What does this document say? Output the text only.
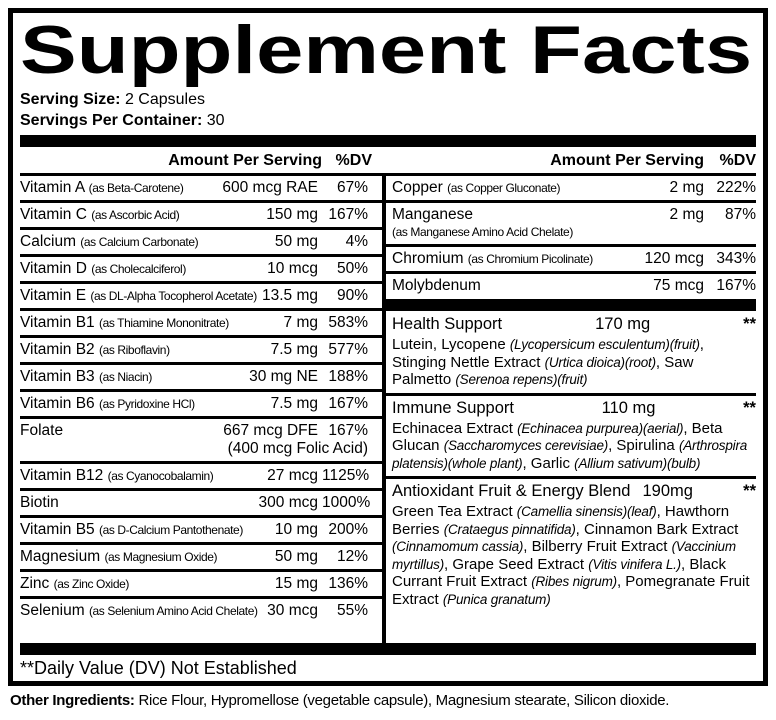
Supplement Facts
Serving Size: 2 Capsules
Servings Per Container: 30
Amount Per Serving %DV	Amount Per Serving %DV
Vitamin A (as Beta-Carotene)	600 mcg RAE	67%
Vitamin C (as Ascorbic Acid)	150 mg 167%
Calcium (as Calcium Carbonate)	50 mg	4%
Vitamin D (as Cholecalciferol)	10 mcg	50%
Vitamin E (as DL-Alpha Tocopherol Acetate) 13.5 mg	90%
Vitamin B1 (as Thiamine Mononitrate)	7 mg 583%
Vitamin B2 (as Riboflavin)	7.5 mg 577%
Vitamin B3 (as Niacin)	30 mg NE 188%
Vitamin B6 (as Pyridoxine HCl)	7.5 mg 167%
Folate	667 mcg DFE 167%
(400 mcg Folic Acid)
Vitamin B12 (as Cyanocobalamin)	27 mcg 1125%
Biotin	300 mcg 1000%
Vitamin B5 (as D-Calcium Pantothenate)	10 mg 200%
Magnesium (as Magnesium Oxide)	50 mg	12%
Zinc (as Zinc Oxide)	15 mg 136%
Selenium (as Selenium Amino Acid Chelate) 30 mcg	55%
Copper (as Copper Gluconate)	2 mg 222%
Manganese	2 mg	87%
(as Manganese Amino Acid Chelate)
Chromium (as Chromium Picolinate)	120 mcg 343%
Molybdenum	75 mcg 167%
Health Support	170 mg	**

Lutein, Lycopene (Lycopersicum esculentum)(fruit), Stinging Nettle Extract (Urtica dioica)(root), Saw Palmetto (Serenoa repens)(fruit)

Immune Support	110 mg	**

Echinacea Extract (Echinacea purpurea)(aerial), Beta Glucan (Saccharomyces cerevisiae), Spirulina (Arthrospira platensis)(whole plant), Garlic (Allium sativum)(bulb)

Antioxidant Fruit & Energy Blend 190mg	**

Green Tea Extract (Camellia sinensis)(leaf), Hawthorn Berries (Crataegus pinnatifida), Cinnamon Bark Extract (Cinnamomum cassia), Bilberry Fruit Extract (Vaccinium myrtillus), Grape Seed Extract (Vitis vinifera L.), Black Currant Fruit Extract (Ribes nigrum), Pomegranate Fruit Extract (Punica granatum)

**Daily Value (DV) Not Established
Other Ingredients: Rice Flour, Hypromellose (vegetable capsule), Magnesium stearate, Silicon dioxide.
